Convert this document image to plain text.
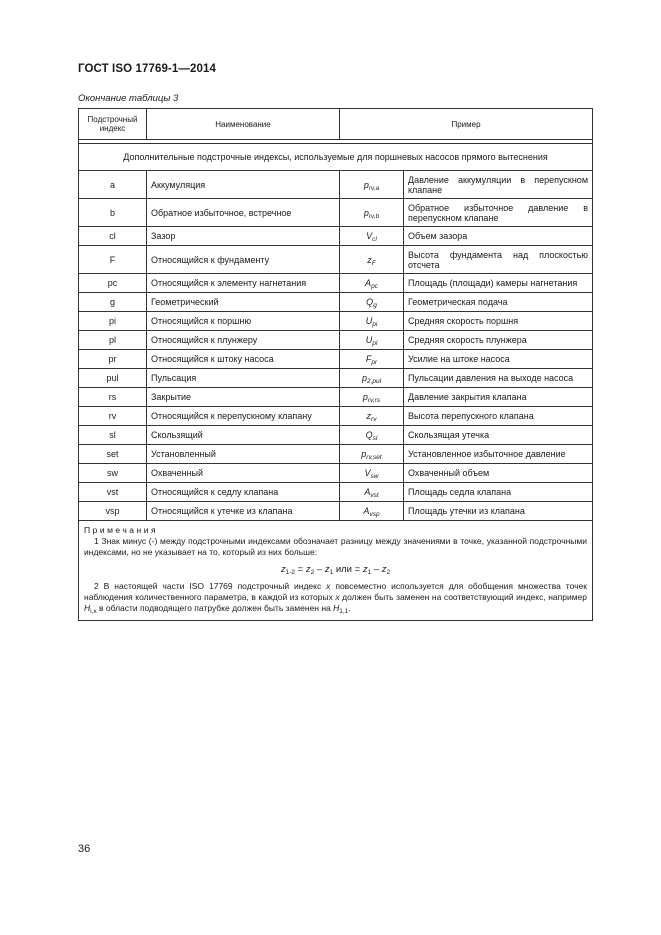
ГОСТ ISO 17769-1—2014
Окончание таблицы 3
Подстрочный индекс	Наименование	Пример	

Дополнительные подстрочные индексы, используемые для поршневых насосов прямого вытеснения			
a	Аккумуляция	$p_{rv,a}$	Давление аккумуляции в перепускном клапане
b	Обратное избыточное, встречное	$p_{rv,b}$	Обратное избыточное давление в перепускном клапане
cl	Зазор	$V_{cl}$	Объем зазора
F	Относящийся к фундаменту	$z_F$	Высота фундамента над плоскостью отсчета
pc	Относящийся к элементу нагнетания	$A_{pc}$	Площадь (площади) камеры нагнетания
g	Геометрический	$Q_g$	Геометрическая подача
pi	Относящийся к поршню	$U_{pi}$	Средняя скорость поршня
pl	Относящийся к плунжеру	$U_{pl}$	Средняя скорость плунжера
pr	Относящийся к штоку насоса	$F_{pr}$	Усилие на штоке насоса
pul	Пульсация	$p_{2,pul}$	Пульсации давления на выходе насоса
rs	Закрытие	$p_{rv,rs}$	Давление закрытия клапана
rv	Относящийся к перепускному клапану	$z_{rv}$	Высота перепускного клапана
sl	Скользящий	$Q_{sl}$	Скользящая утечка
set	Установленный	$p_{rv,set}$	Установленное избыточное давление
sw	Охваченный	$V_{sw}$	Охваченный объем
vst	Относящийся к седлу клапана	$A_{vst}$	Площадь седла клапана
vsp	Относящийся к утечке из клапана	$A_{vsp}$	Площадь утечки из клапана

Примечания

1 Знак минус (-) между подстрочными индексами обозначает разницу между значениями в точке, указанной подстрочными индексами, но не указывает на то, который из них больше:

$z_{1-2} = z_2 - z_1$ или = $z_1 - z_2$

2 В настоящей части ISO 17769 подстрочный индекс x повсеместно используется для обобщения множества точек наблюдения количественного параметра, в каждой из которых x должен быть заменен на соответствующий индекс, например $H_{i,x}$ в области подводящего патрубке должен быть заменен на $H_{1,1}$.			

36
